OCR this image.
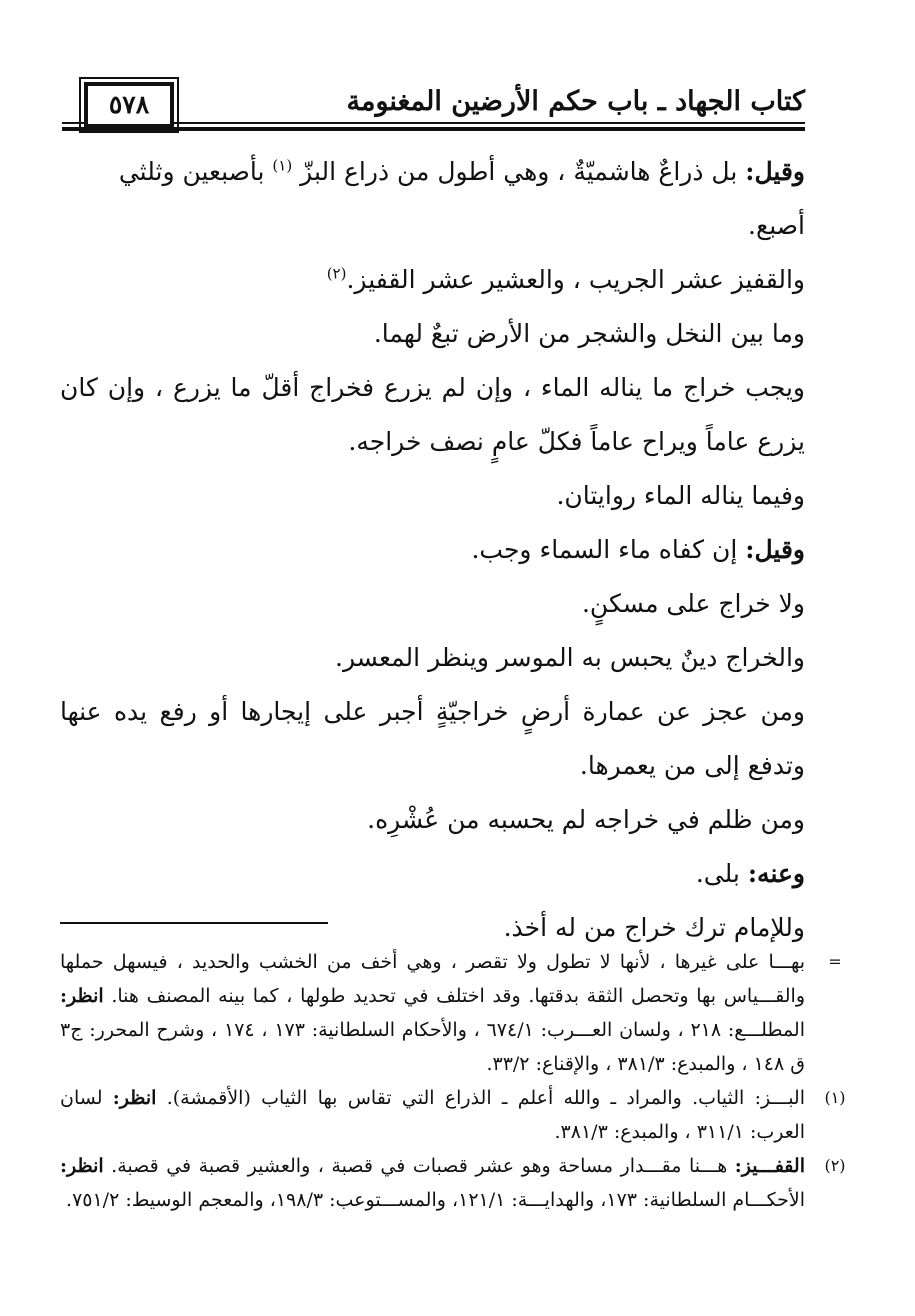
كتاب الجهاد ـ باب حكم الأرضين المغنومة
٥٧٨

وقيل: بل ذراعٌ هاشميّةٌ ، وهي أطول من ذراع البزّ $^{(١)}$ بأصبعين وثلثي أصبع.

والقفيز عشر الجريب ، والعشير عشر القفيز.$^{(٢)}$

وما بين النخل والشجر من الأرض تبعٌ لهما.

ويجب خراج ما يناله الماء ، وإن لم يزرع فخراج أقلّ ما يزرع ، وإن كان يزرع عاماً ويراح عاماً فكلّ عامٍ نصف خراجه.

وفيما يناله الماء روايتان.

وقيل: إن كفاه ماء السماء وجب.

ولا خراج على مسكنٍ.

والخراج دينٌ يحبس به الموسر وينظر المعسر.

ومن عجز عن عمارة أرضٍ خراجيّةٍ أجبر على إيجارها أو رفع يده عنها وتدفع إلى من يعمرها.

ومن ظلم في خراجه لم يحسبه من عُشْرِه.

وعنه: بلى.

وللإمام ترك خراج من له أخذ.

=

بهـــا على غيرها ، لأنها لا تطول ولا تقصر ، وهي أخف من الخشب والحديد ، فيسهل حملها والقـــياس بها وتحصل الثقة بدقتها. وقد اختلف في تحديد طولها ، كما بينه المصنف هنا. انظر: المطلـــع: ٢١٨ ، ولسان العـــرب: ٦٧٤/١ ، والأحكام السلطانية: ١٧٣ ، ١٧٤ ، وشرح المحرر: ج٣ ق ١٤٨ ، والمبدع: ٣٨١/٣ ، والإقناع: ٣٣/٢.

(١)

البـــز: الثياب. والمراد ـ والله أعلم ـ الذراع التي تقاس بها الثياب (الأقمشة). انظر: لسان العرب: ٣١١/١ ، والمبدع: ٣٨١/٣.

(٢)

القفـــيز: هـــنا مقـــدار مساحة وهو عشر قصبات في قصبة ، والعشير قصبة في قصبة. انظر: الأحكـــام السلطانية: ١٧٣، والهدايـــة: ١٢١/١، والمســـتوعب: ١٩٨/٣، والمعجم الوسيط: ٧٥١/٢.
